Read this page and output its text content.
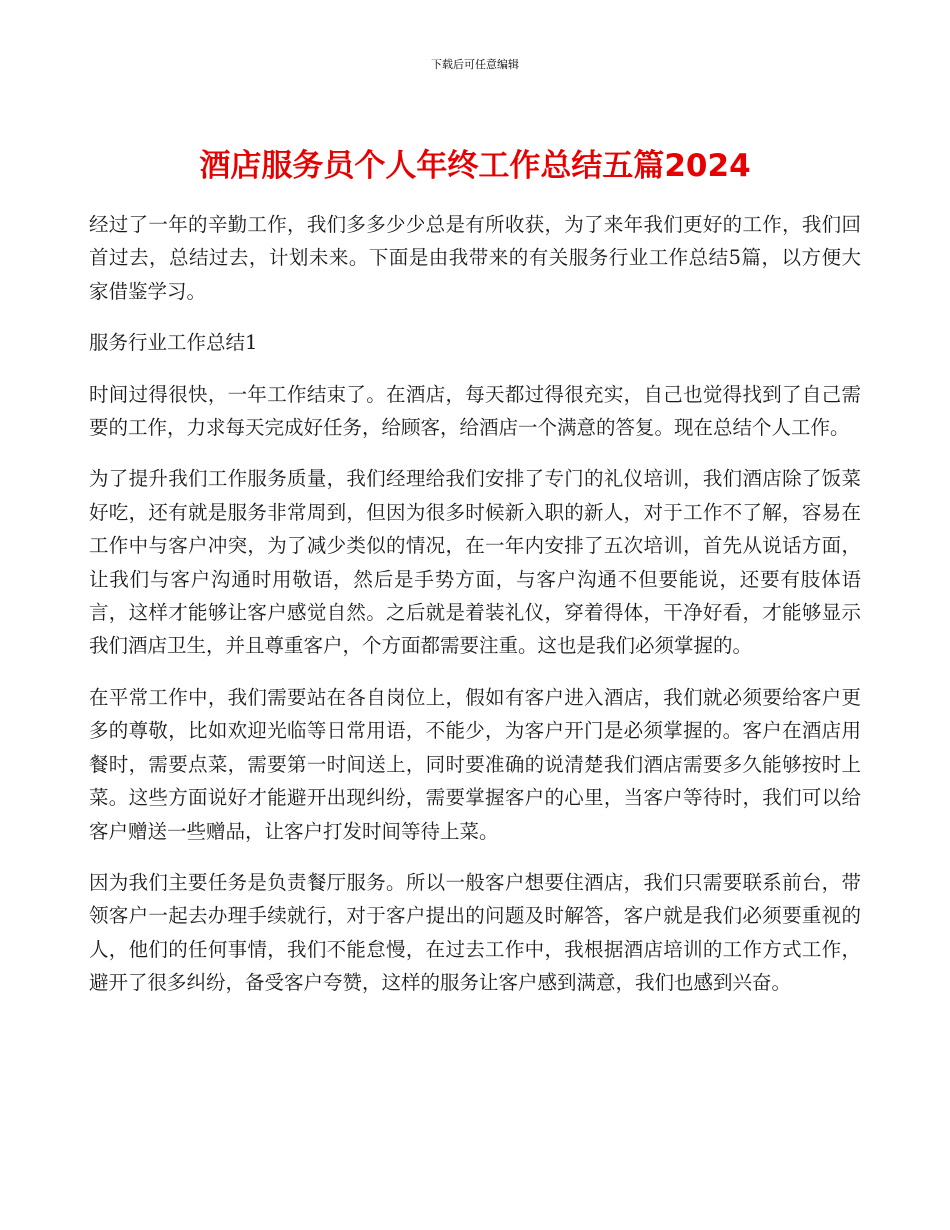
下载后可任意编辑
酒店服务员个人年终工作总结五篇2024

经过了一年的辛勤工作，我们多多少少总是有所收获，为了来年我们更好的工作，我们回首过去，总结过去，计划未来。下面是由我带来的有关服务行业工作总结5篇，以方便大家借鉴学习。

服务行业工作总结1

时间过得很快，一年工作结束了。在酒店，每天都过得很充实，自己也觉得找到了自己需要的工作，力求每天完成好任务，给顾客，给酒店一个满意的答复。现在总结个人工作。

为了提升我们工作服务质量，我们经理给我们安排了专门的礼仪培训，我们酒店除了饭菜好吃，还有就是服务非常周到，但因为很多时候新入职的新人，对于工作不了解，容易在工作中与客户冲突，为了减少类似的情况，在一年内安排了五次培训，首先从说话方面，让我们与客户沟通时用敬语，然后是手势方面，与客户沟通不但要能说，还要有肢体语言，这样才能够让客户感觉自然。之后就是着装礼仪，穿着得体，干净好看，才能够显示我们酒店卫生，并且尊重客户，个方面都需要注重。这也是我们必须掌握的。

在平常工作中，我们需要站在各自岗位上，假如有客户进入酒店，我们就必须要给客户更多的尊敬，比如欢迎光临等日常用语，不能少，为客户开门是必须掌握的。客户在酒店用餐时，需要点菜，需要第一时间送上，同时要准确的说清楚我们酒店需要多久能够按时上菜。这些方面说好才能避开出现纠纷，需要掌握客户的心里，当客户等待时，我们可以给客户赠送一些赠品，让客户打发时间等待上菜。

因为我们主要任务是负责餐厅服务。所以一般客户想要住酒店，我们只需要联系前台，带领客户一起去办理手续就行，对于客户提出的问题及时解答，客户就是我们必须要重视的人，他们的任何事情，我们不能怠慢，在过去工作中，我根据酒店培训的工作方式工作，避开了很多纠纷，备受客户夸赞，这样的服务让客户感到满意，我们也感到兴奋。
